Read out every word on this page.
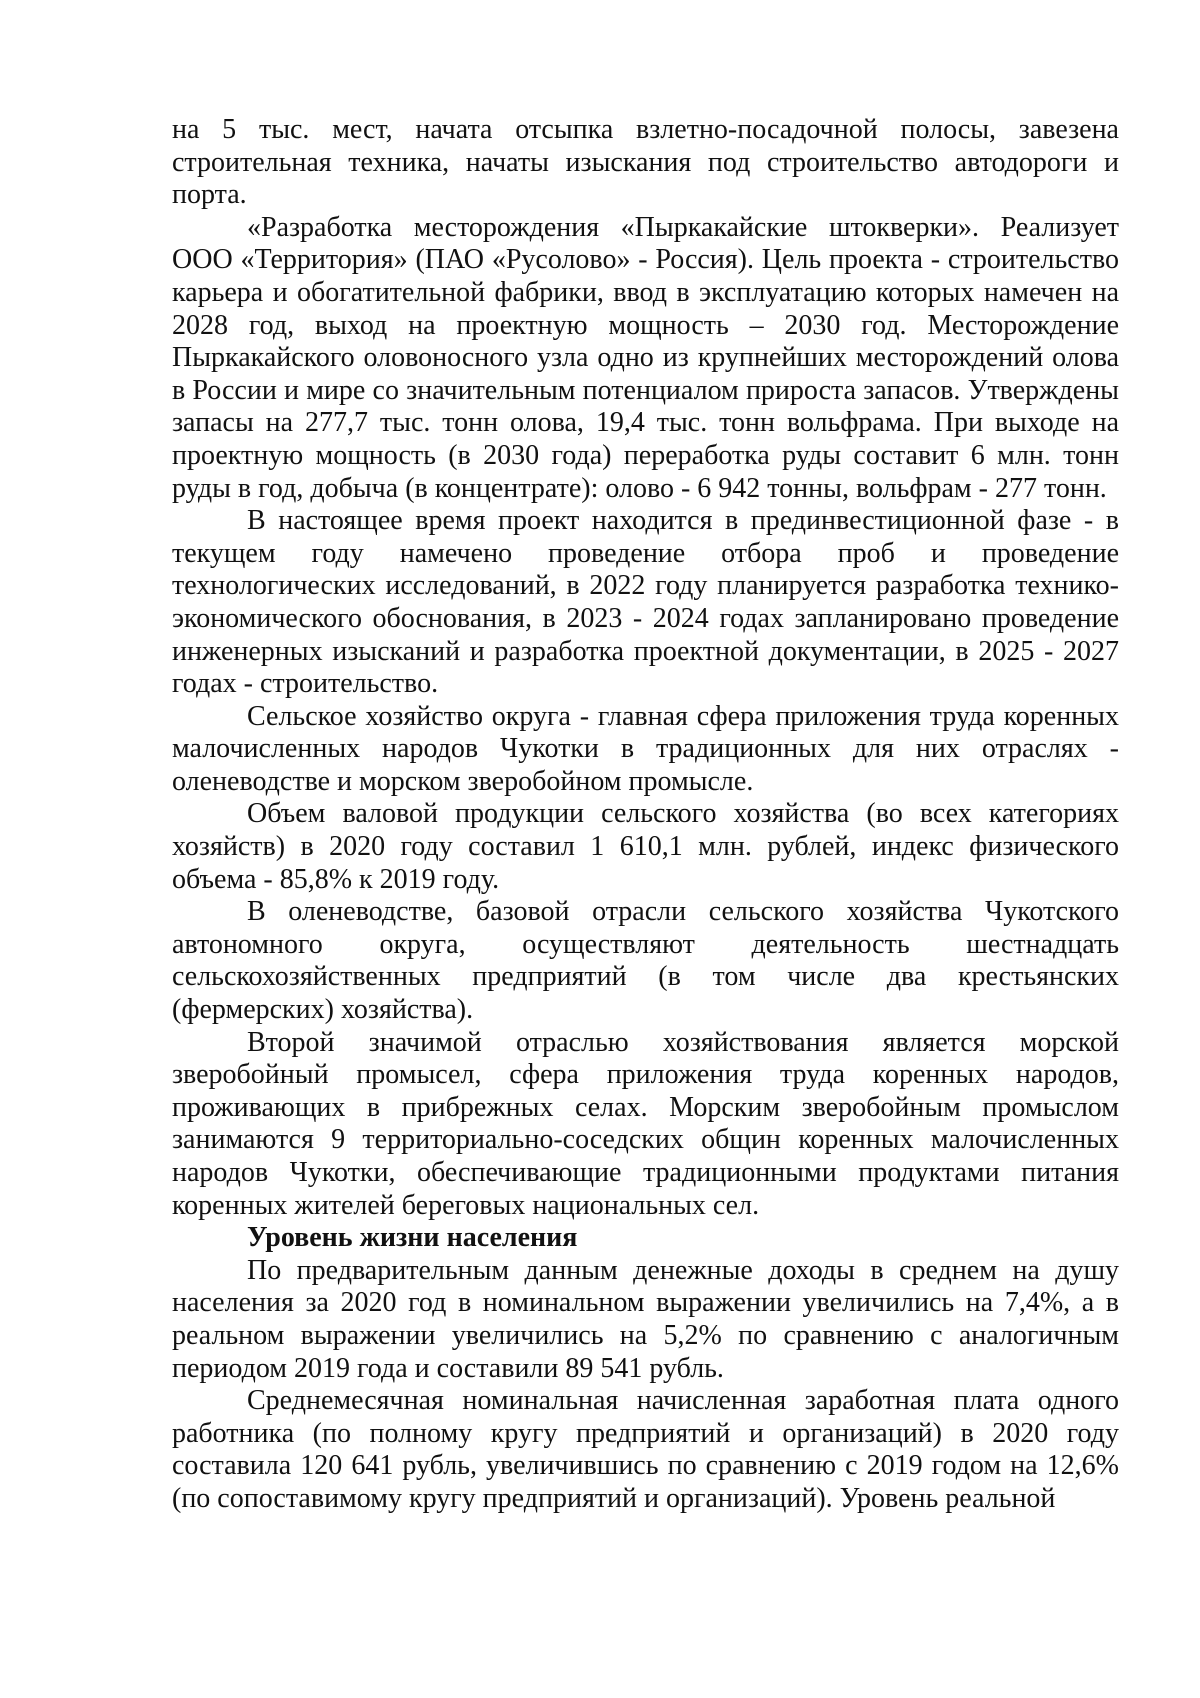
на 5 тыс. мест, начата отсыпка взлетно-посадочной полосы, завезена строительная техника, начаты изыскания под строительство автодороги и порта.

«Разработка месторождения «Пыркакайские штокверки». Реализует ООО «Территория» (ПАО «Русолово» - Россия). Цель проекта - строительство карьера и обогатительной фабрики, ввод в эксплуатацию которых намечен на 2028 год, выход на проектную мощность – 2030 год. Месторождение Пыркакайского оловоносного узла одно из крупнейших месторождений олова в России и мире со значительным потенциалом прироста запасов. Утверждены запасы на 277,7 тыс. тонн олова, 19,4 тыс. тонн вольфрама. При выходе на проектную мощность (в 2030 года) переработка руды составит 6 млн. тонн руды в год, добыча (в концентрате): олово - 6 942 тонны, вольфрам - 277 тонн.

В настоящее время проект находится в прединвестиционной фазе - в текущем году намечено проведение отбора проб и проведение технологических исследований, в 2022 году планируется разработка технико-экономического обоснования, в 2023 - 2024 годах запланировано проведение инженерных изысканий и разработка проектной документации, в 2025 - 2027 годах - строительство.

Сельское хозяйство округа - главная сфера приложения труда коренных малочисленных народов Чукотки в традиционных для них отраслях - оленеводстве и морском зверобойном промысле.

Объем валовой продукции сельского хозяйства (во всех категориях хозяйств) в 2020 году составил 1 610,1 млн. рублей, индекс физического объема - 85,8% к 2019 году.

В оленеводстве, базовой отрасли сельского хозяйства Чукотского автономного округа, осуществляют деятельность шестнадцать сельскохозяйственных предприятий (в том числе два крестьянских (фермерских) хозяйства).

Второй значимой отраслью хозяйствования является морской зверобойный промысел, сфера приложения труда коренных народов, проживающих в прибрежных селах. Морским зверобойным промыслом занимаются 9 территориально-соседских общин коренных малочисленных народов Чукотки, обеспечивающие традиционными продуктами питания коренных жителей береговых национальных сел.

Уровень жизни населения

По предварительным данным денежные доходы в среднем на душу населения за 2020 год в номинальном выражении увеличились на 7,4%, а в реальном выражении увеличились на 5,2% по сравнению с аналогичным периодом 2019 года и составили 89 541 рубль.

Среднемесячная номинальная начисленная заработная плата одного работника (по полному кругу предприятий и организаций) в 2020 году составила 120 641 рубль, увеличившись по сравнению с 2019 годом на 12,6% (по сопоставимому кругу предприятий и организаций). Уровень реальной
